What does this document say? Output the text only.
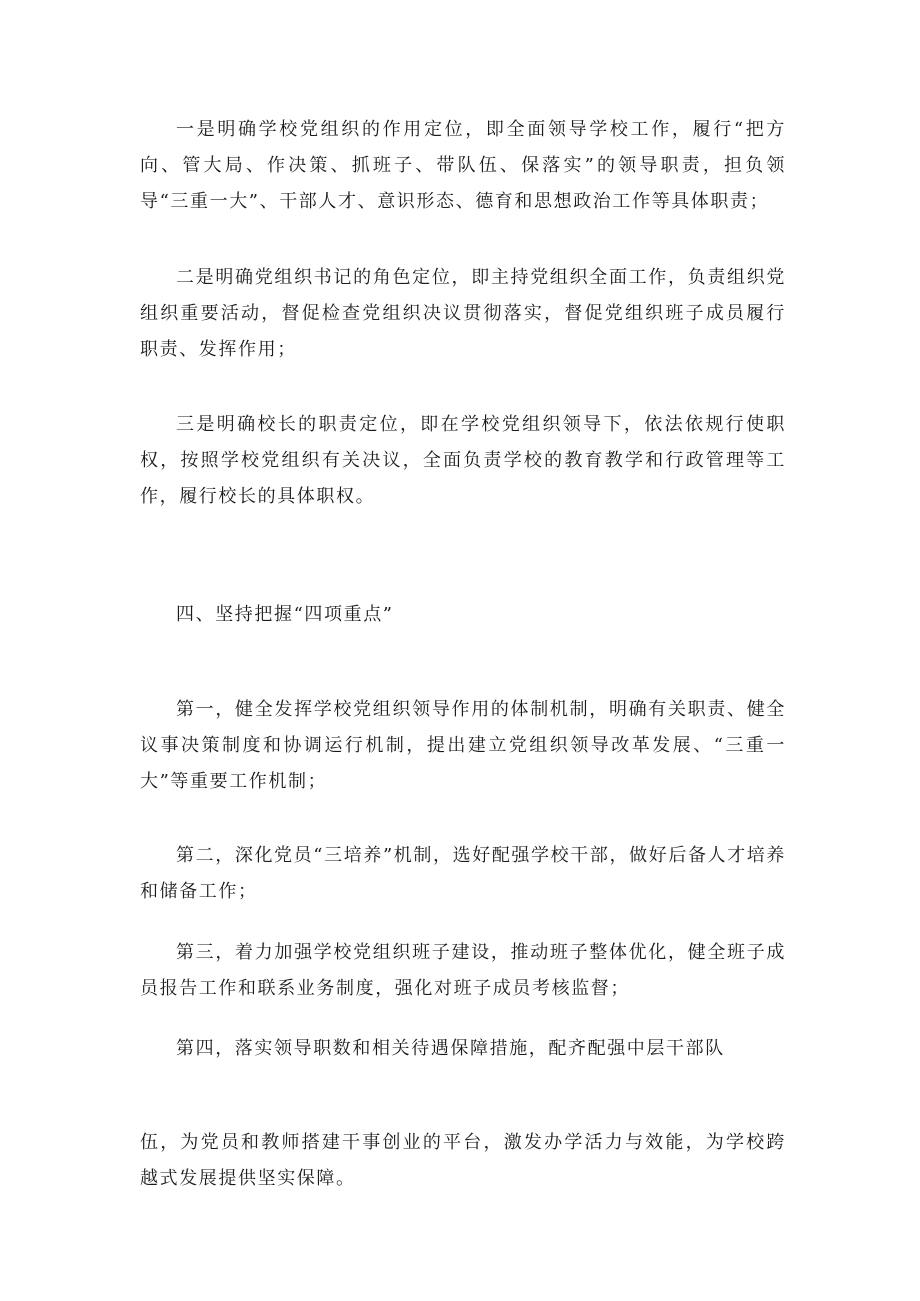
一是明确学校党组织的作用定位，即全面领导学校工作，履行“把方向、管大局、作决策、抓班子、带队伍、保落实”的领导职责，担负领导“三重一大”、干部人才、意识形态、德育和思想政治工作等具体职责；

二是明确党组织书记的角色定位，即主持党组织全面工作，负责组织党组织重要活动，督促检查党组织决议贯彻落实，督促党组织班子成员履行职责、发挥作用；

三是明确校长的职责定位，即在学校党组织领导下，依法依规行使职权，按照学校党组织有关决议，全面负责学校的教育教学和行政管理等工作，履行校长的具体职权。

四、坚持把握“四项重点”

第一，健全发挥学校党组织领导作用的体制机制，明确有关职责、健全议事决策制度和协调运行机制，提出建立党组织领导改革发展、“三重一大”等重要工作机制；

第二，深化党员“三培养”机制，选好配强学校干部，做好后备人才培养和储备工作；

第三，着力加强学校党组织班子建设，推动班子整体优化，健全班子成员报告工作和联系业务制度，强化对班子成员考核监督；

第四，落实领导职数和相关待遇保障措施，配齐配强中层干部队

伍，为党员和教师搭建干事创业的平台，激发办学活力与效能，为学校跨越式发展提供坚实保障。
